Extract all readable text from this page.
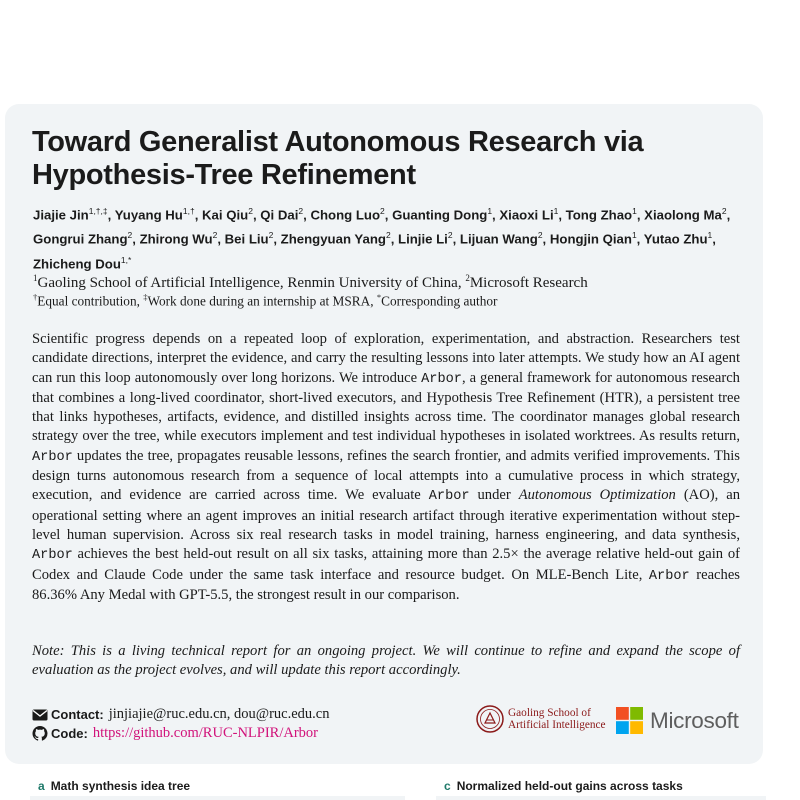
Toward Generalist Autonomous Research via Hypothesis-Tree Refinement
Jiajie Jin$^{1,\dagger,\ddagger}$, Yuyang $Hu^{1,\dagger}$, Kai Qiu$^2$, Qi Dai$^2$, Chong Luo$^2$, Guanting Dong$^1$, Xiaoxi Li$^1$, Tong Zhao$^1$, Xiaolong Ma$^2$, Gongrui Zhang$^2$, Zhirong Wu$^2$, Bei Liu$^2$, Zhengyuan Yang$^2$, Linjie Li$^2$, Lijuan Wang$^2$, Hongjin Qian$^1$, Yutao Zhu$^1$, Zhicheng Dou$^{1,*}$
$^1$Gaoling School of Artificial Intelligence, Renmin University of China, $^2$Microsoft Research
†Equal contribution, ‡Work done during an internship at MSRA, *Corresponding author

Scientific progress depends on a repeated loop of exploration, experimentation, and abstraction. Researchers test candidate directions, interpret the evidence, and carry the resulting lessons into later attempts. We study how an AI agent can run this loop autonomously over long horizons. We introduce Arbor, a general framework for autonomous research that combines a long-lived coordinator, short-lived executors, and Hypothesis Tree Refinement (HTR), a persistent tree that links hypotheses, artifacts, evidence, and distilled insights across time. The coordinator manages global research strategy over the tree, while executors implement and test individual hypotheses in isolated worktrees. As results return, Arbor updates the tree, propagates reusable lessons, refines the search frontier, and admits verified improvements. This design turns autonomous research from a sequence of local attempts into a cumulative process in which strategy, execution, and evidence are carried across time. We evaluate Arbor under Autonomous Optimization (AO), an operational setting where an agent improves an initial research artifact through iterative experimentation without step-level human supervision. Across six real research tasks in model training, harness engineering, and data synthesis, Arbor achieves the best held-out result on all six tasks, attaining more than 2.5× the average relative held-out gain of Codex and Claude Code under the same task interface and resource budget. On MLE-Bench Lite, Arbor reaches 86.36% Any Medal with GPT-5.5, the strongest result in our comparison.

Note: This is a living technical report for an ongoing project. We will continue to refine and expand the scope of evaluation as the project evolves, and will update this report accordingly.

Contact: jinjiajie@ruc.edu.cn, dou@ruc.edu.cn
Code: https://github.com/RUC-NLPIR/Arbor
Gaoling School of
Artificial Intelligence Microsoft
a Math synthesis idea tree	c Normalized held-out gains across tasks
